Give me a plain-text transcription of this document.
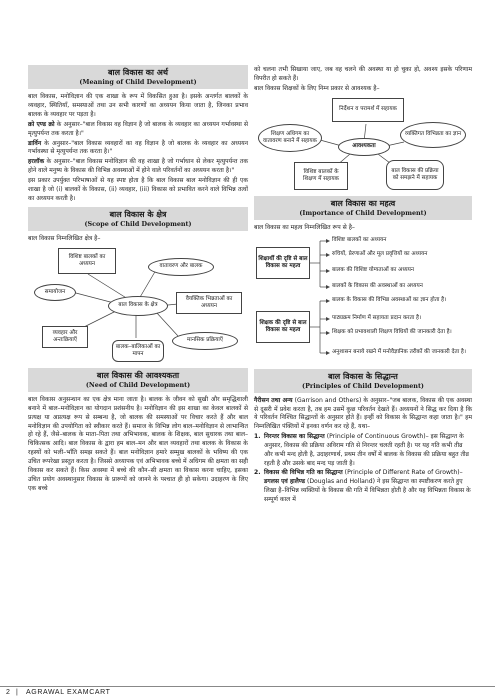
बाल विकास का अर्थ
(Meaning of Child Development)

बाल विकास, मनोविज्ञान की एक शाखा के रूप में विकसित हुआ है। इसके अन्तर्गत बालकों के व्यवहार, स्थितियाँ, समस्याओं तथा उन सभी कारणों का अध्ययन किया जाता है, जिनका प्रभाव बालक के व्यवहार पर पड़ता है।

क्रो एण्ड क्रो के अनुसार–"बाल विकास वह विज्ञान है जो बालक के व्यवहार का अध्ययन गर्भावस्था से मृत्युपर्यन्त तक करता है।"

डार्विन के अनुसार–"बाल विकास व्यवहारों का वह विज्ञान है जो बालक के व्यवहार का अध्ययन गर्भावस्था से मृत्युपर्यन्त तक करता है।"

हरलॉक के अनुसार–"बाल विकास मनोविज्ञान की वह शाखा है जो गर्भाधान से लेकर मृत्युपर्यन्त तक होने वाले मनुष्य के विकास की विभिन्न अवस्थाओं में होने वाले परिवर्तनों का अध्ययन करता है।"

इस प्रकार उपर्युक्त परिभाषाओं से यह स्पष्ट होता है कि बाल विकास बाल मनोविज्ञान की ही एक शाखा है जो (i) बालकों के विकास, (ii) व्यवहार, (iii) विकास को प्रभावित करने वाले विभिन्न तत्वों का अध्ययन करती है।

बाल विकास के क्षेत्र
(Scope of Child Development)

बाल विकास निम्नलिखित क्षेत्र है–

विशिष्ट बालकों का अध्ययन	वातावरण और बालक
समायोजन
बाल विकास के क्षेत्र
वैयक्तिक भिन्नताओं का अध्ययन
व्यवहार और अन्तःक्रियाएँ	मानसिक प्रक्रियाएँ
बालक–बालिकाओं का मापन
बाल विकास की आवश्यकता
(Need of Child Development)

बाल विकास अनुसन्धान का एक क्षेत्र माना जाता है। बालक के जीवन को सुखी और समृद्धिशाली बनाने में बाल–मनोविज्ञान का योगदान प्रशंसनीय है। मनोविज्ञान की इस शाखा का केवल बालकों से प्रत्यक्ष या अप्रत्यक्ष रूप से सम्बन्ध है, जो बालक की समस्याओं पर विचार करते हैं और बाल मनोविज्ञान की उपयोगिता को स्वीकार करते हैं। समाज के विभिन्न लोग बाल–मनोविज्ञान से लाभान्वित हो रहे हैं, जैसे–बालक के माता–पिता तथा अभिभावक, बालक के शिक्षक, बाल सुधारक तथा बाल–चिकित्सक आदि। बाल विकास के द्वारा हम बाल–मन और बाल व्यवहारों तथा बालक के विकास के रहस्यों को भली–भाँति समझ सकते हैं। बाल मनोविज्ञान हमारे सम्मुख बालकों के भविष्य की एक उचित रूपरेखा प्रस्तुत करता है। जिससे अध्यापक एवं अभिभावक बच्चे में अधिगम की क्षमता का सही विकास कर सकते हैं। किस अवस्था में बच्चे की कौन–सी क्षमता का विकास करना चाहिए, इसका उचित प्रयोग अवस्थानुसार विकास के प्रारूपों को जानने के पश्चात ही हो सकेगा। उदाहरण के लिए एक बच्चे

को चलना तभी सिखाया जाए, जब वह चलने की अवस्था या हो चुका हो, अवश्य इसके परिणाम विपरीत हो सकते हैं।

बाल विकास शिक्षकों के लिए निम्न प्रकार से आवश्यक है–

निर्देशन व परामर्श में सहायक
शिक्षण अधिगम का वातावरण बनाने में सहायक
आवश्यकता
व्यक्तिगत विभिन्नता का ज्ञान
विशिष्ट बालकों के शिक्षण में सहायक
बाल विकास की प्रक्रिया को समझने में सहायक
बाल विकास का महत्व
(Importance of Child Development)

बाल विकास का महत्व निम्नलिखित रूप से है–

शिक्षार्थी की दृष्टि से बाल विकास का महत्व
विशिष्ट बालकों का अध्ययन
रुचियों, प्रेरणाओं और मूल प्रवृत्तियों का अध्ययन
बालक की विशिष्ट योग्यताओं का अध्ययन
बालकों के विकास की अवस्थाओं का अध्ययन
शिक्षक की दृष्टि से बाल विकास का महत्व
बालक के विकास की विभिन्न अवस्थाओं का ज्ञान होता है।
पाठ्यक्रम निर्माण में सहायता प्रदान करता है।
शिक्षक को प्रभावशाली शिक्षण विधियों की जानकारी देता है।
अनुशासन बनाये रखने में मनोवैज्ञानिक तरीकों की जानकारी देता है।
बाल विकास के सिद्धान्त
(Principles of Child Development)

गैरीसन तथा अन्य (Garrison and Others) के अनुसार–"जब बालक, विकास की एक अवस्था से दूसरी में प्रवेश करता है, तब हम उसमें कुछ परिवर्तन देखते हैं। अध्ययनों ने सिद्ध कर दिया है कि ये परिवर्तन निश्चित सिद्धान्तों के अनुसार होते हैं। इन्हीं को विकास के सिद्धान्त कहा जाता है।" हम निम्नलिखित पंक्तियों में इनका वर्णन कर रहे हैं, यथा–

1. निरन्तर विकास का सिद्धान्त (Principle of Continuous Growth)– इस सिद्धान्त के अनुसार, विकास की प्रक्रिया अविराम गति से निरन्तर चलती रहती है। पर यह गति कभी तीव्र और कभी मन्द होती है, उदाहरणार्थ, प्रथम तीन वर्षों में बालक के विकास की प्रक्रिया बहुत तीव्र रहती है और उसके बाद मन्द पड़ जाती है।
2. विकास की विभिन्न गति का सिद्धान्त (Principle of Different Rate of Growth)– डगलस एवं हालैण्ड (Douglas and Holland) ने इस सिद्धान्त का स्पष्टीकरण करते हुए लिखा है–विभिन्न व्यक्तियों के विकास की गति में विभिन्नता होती है और यह विभिन्नता विकास के सम्पूर्ण काल में
2 | AGRAWAL EXAMCART
